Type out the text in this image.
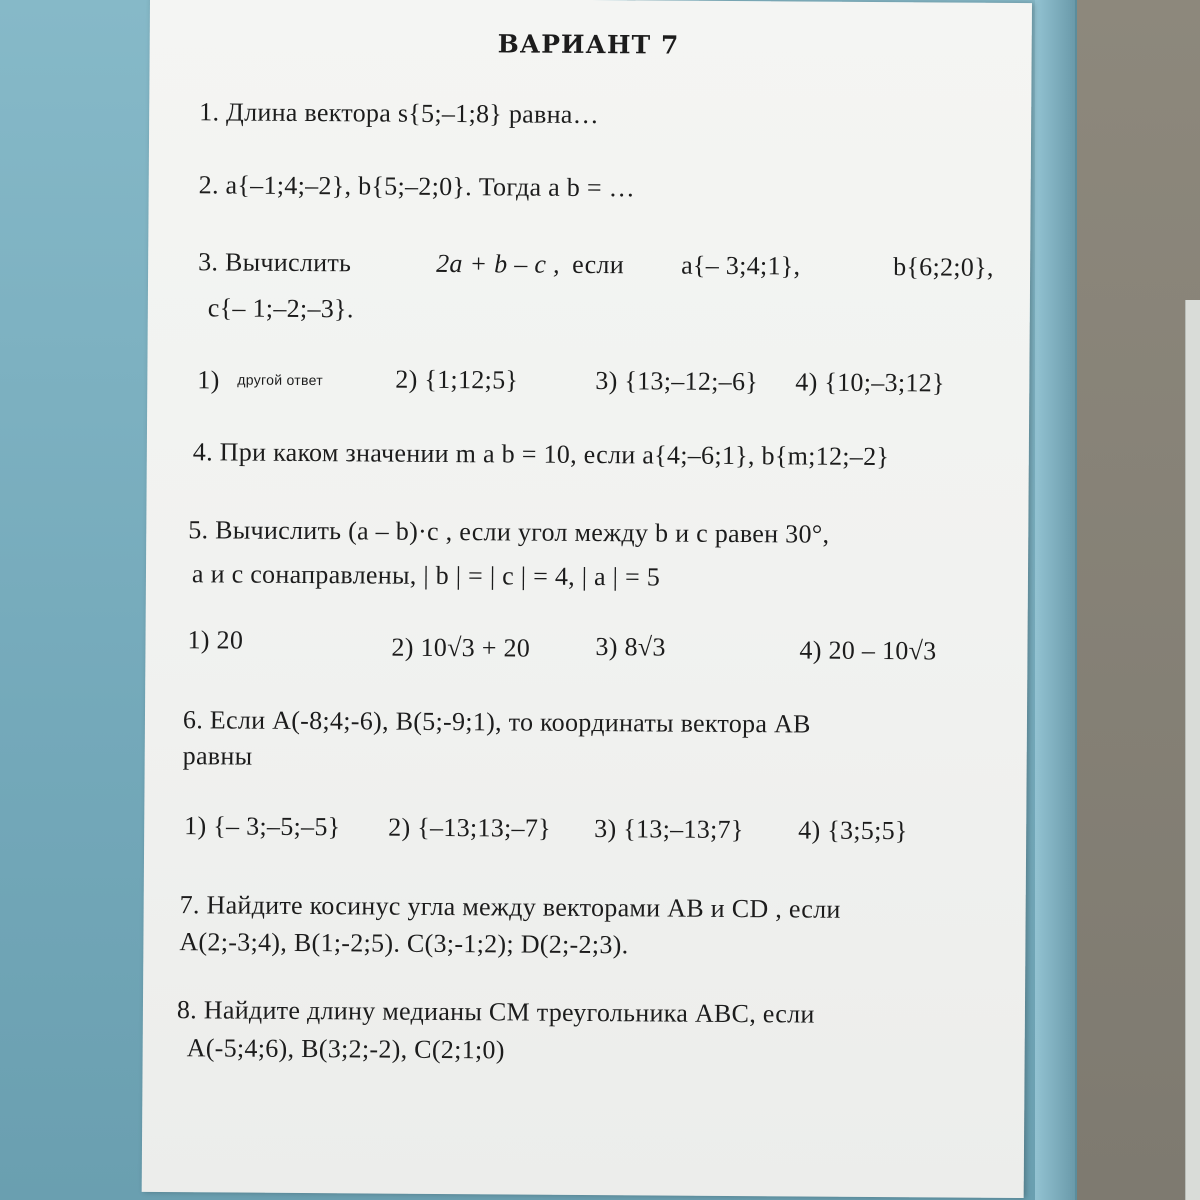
ВАРИАНТ 7
1. Длина вектора s{5;–1;8} равна…
2. a{–1;4;–2}, b{5;–2;0}. Тогда a b = …
3. Вычислить	2a + b – c , если a{– 3;4;1},	b{6;2;0},
c{– 1;–2;–3}.
1) другой ответ	2) {1;12;5}	3) {13;–12;–6} 4) {10;–3;12}
4. При каком значении m a b = 10, если a{4;–6;1}, b{m;12;–2}
5. Вычислить (a – b)·c , если угол между b и c равен 30°,
a и c сонаправлены, | b | = | c | = 4, | a | = 5
1) 20	2) 10√3 + 20	3) 8√3	4) 20 – 10√3
6. Если A(-8;4;-6), B(5;-9;1), то координаты вектора AB
равны
1) {– 3;–5;–5} 2) {–13;13;–7} 3) {13;–13;7} 4) {3;5;5}
7. Найдите косинус угла между векторами AB и CD , если
A(2;-3;4), B(1;-2;5). C(3;-1;2); D(2;-2;3).
8. Найдите длину медианы СМ треугольника АВС, если
A(-5;4;6), B(3;2;-2), C(2;1;0)
